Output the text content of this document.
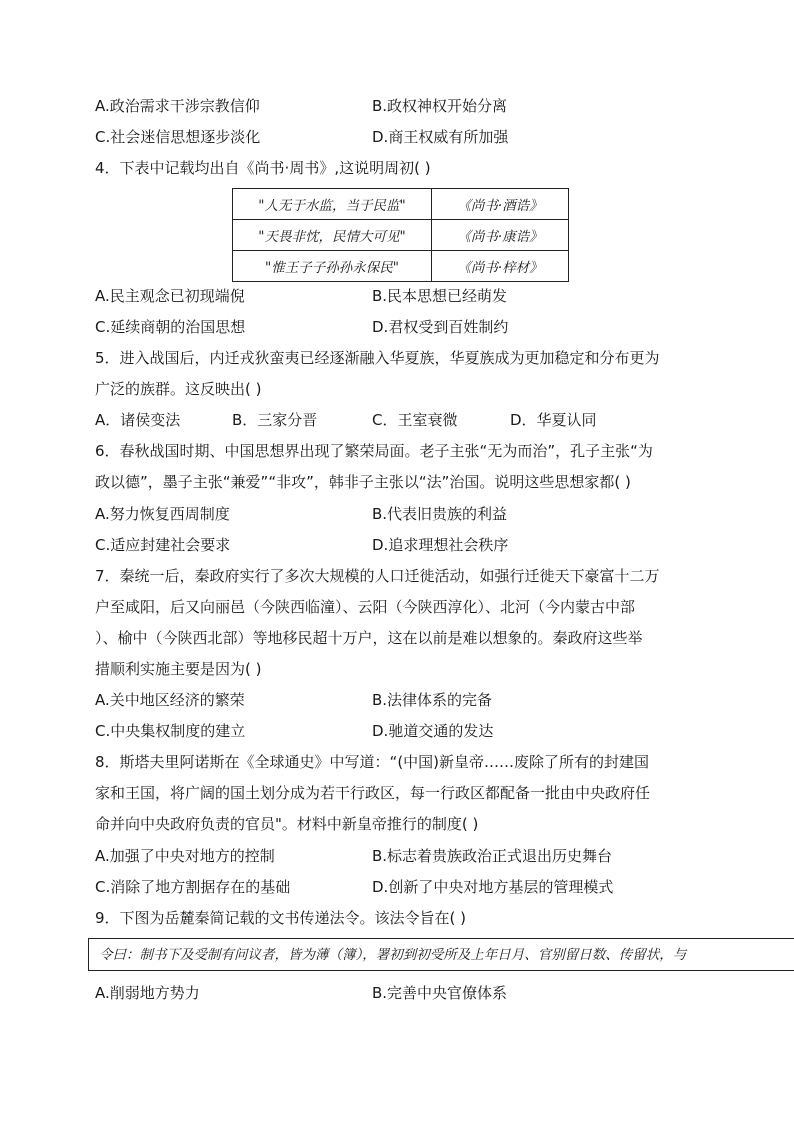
A.政治需求干涉宗教信仰	B.政权神权开始分离
C.社会迷信思想逐步淡化	D.商王权威有所加强
4．下表中记载均出自《尚书·周书》,这说明周初( )
"人无于水监，当于民监"	《尚书·酒诰》
"天畏非忱，民情大可见"	《尚书·康诰》
"惟王子子孙孙永保民"	《尚书·梓材》
A.民主观念已初现端倪	B.民本思想已经萌发
C.延续商朝的治国思想	D.君权受到百姓制约
5．进入战国后，内迁戎狄蛮夷已经逐渐融入华夏族，华夏族成为更加稳定和分布更为
广泛的族群。这反映出( )
A．诸侯变法	B．三家分晋	C．王室衰微	D．华夏认同
6．春秋战国时期、中国思想界出现了繁荣局面。老子主张“无为而治”，孔子主张“为
政以德”，墨子主张“兼爱”“非攻”，韩非子主张以“法”治国。说明这些思想家都( )
A.努力恢复西周制度	B.代表旧贵族的利益
C.适应封建社会要求	D.追求理想社会秩序
7．秦统一后，秦政府实行了多次大规模的人口迁徙活动，如强行迁徙天下豪富十二万
户至咸阳，后又向丽邑（今陕西临潼）、云阳（今陕西淳化）、北河（今内蒙古中部
）、榆中（今陕西北部）等地移民超十万户，这在以前是难以想象的。秦政府这些举
措顺利实施主要是因为( )
A.关中地区经济的繁荣	B.法律体系的完备
C.中央集权制度的建立	D.驰道交通的发达
8．斯塔夫里阿诺斯在《全球通史》中写道：“(中国)新皇帝……废除了所有的封建国
家和王国，将广阔的国土划分成为若干行政区，每一行政区都配备一批由中央政府任
命并向中央政府负责的官员"。材料中新皇帝推行的制度( )
A.加强了中央对地方的控制	B.标志着贵族政治正式退出历史舞台
C.消除了地方割据存在的基础	D.创新了中央对地方基层的管理模式
9．下图为岳麓秦简记载的文书传递法令。该法令旨在( )
令曰：制书下及受制有问议者，皆为薄（簿），署初到初受所及上年日月、官别留日数、传留状，与
A.削弱地方势力	B.完善中央官僚体系
